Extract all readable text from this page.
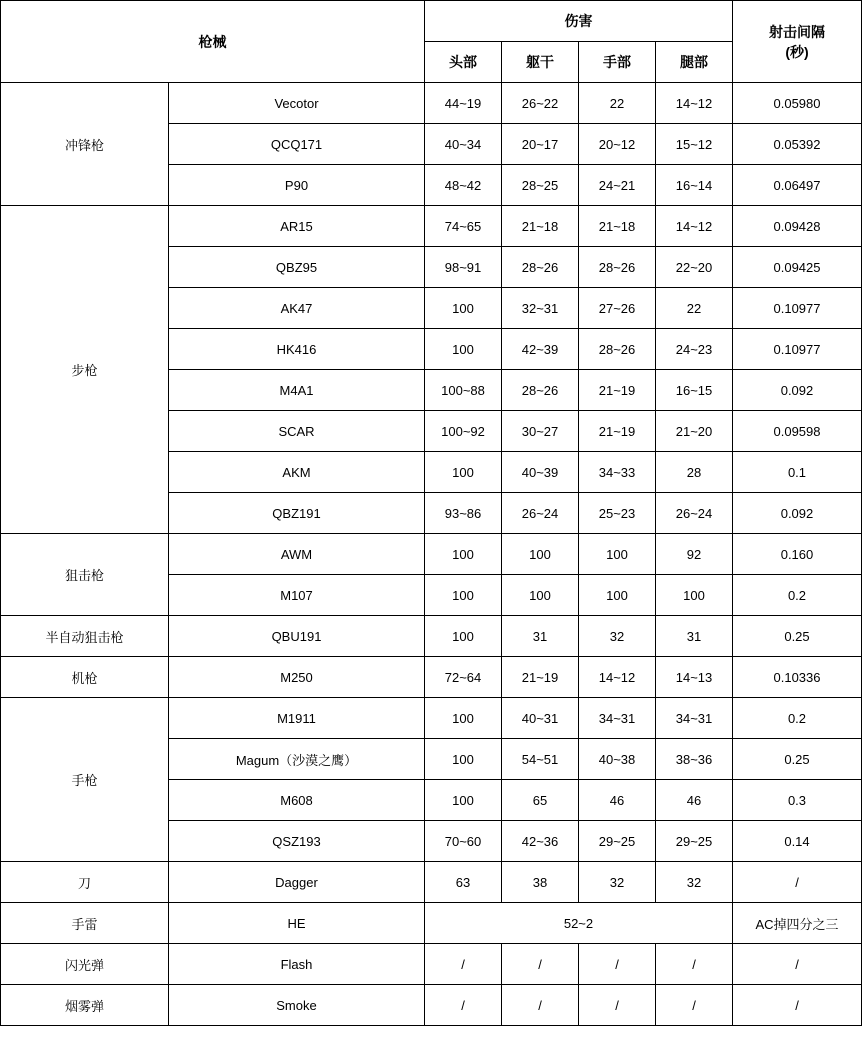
枪械		伤害				射击间隔
(秒)
		头部	躯干	手部	腿部	
冲锋枪	Vecotor	44~19	26~22	22	14~12	0.05980
	QCQ171	40~34	20~17	20~12	15~12	0.05392
	P90	48~42	28~25	24~21	16~14	0.06497
步枪	AR15	74~65	21~18	21~18	14~12	0.09428
	QBZ95	98~91	28~26	28~26	22~20	0.09425
	AK47	100	32~31	27~26	22	0.10977
	HK416	100	42~39	28~26	24~23	0.10977
	M4A1	100~88	28~26	21~19	16~15	0.092
	SCAR	100~92	30~27	21~19	21~20	0.09598
	AKM	100	40~39	34~33	28	0.1
	QBZ191	93~86	26~24	25~23	26~24	0.092
狙击枪	AWM	100	100	100	92	0.160
	M107	100	100	100	100	0.2
半自动狙击枪	QBU191	100	31	32	31	0.25
机枪	M250	72~64	21~19	14~12	14~13	0.10336
手枪	M1911	100	40~31	34~31	34~31	0.2
	Magum（沙漠之鹰）	100	54~51	40~38	38~36	0.25
	M608	100	65	46	46	0.3
	QSZ193	70~60	42~36	29~25	29~25	0.14
刀	Dagger	63	38	32	32	/
手雷	HE	52~2				AC掉四分之三
闪光弹	Flash	/	/	/	/	/
烟雾弹	Smoke	/	/	/	/	/
